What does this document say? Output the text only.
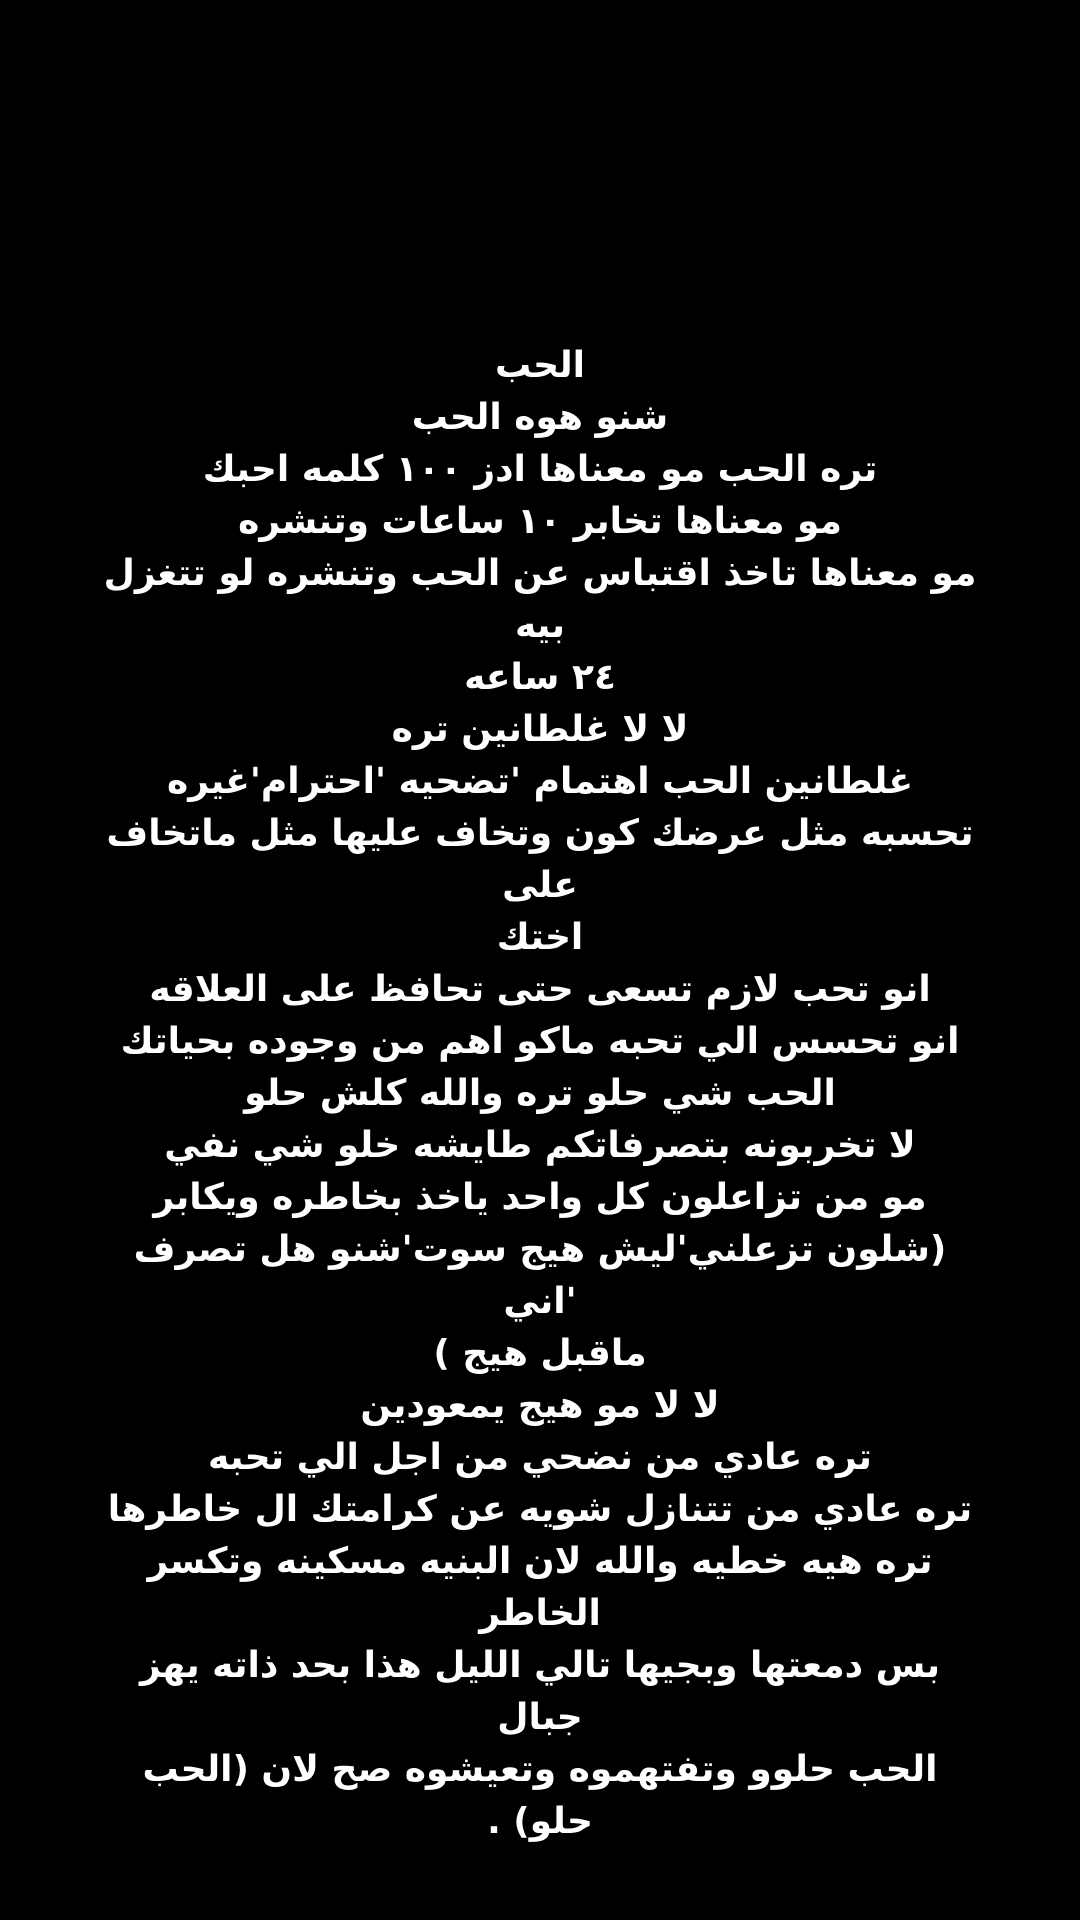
الحب

شنو هوه الحب

تره الحب مو معناها ادز ١٠٠ كلمه احبك

مو معناها تخابر ١٠ ساعات وتنشره

مو معناها تاخذ اقتباس عن الحب وتنشره لو تتغزل بيه

٢٤ ساعه

لا لا غلطانين تره

غلطانين الحب اهتمام 'تضحيه 'احترام'غيره

تحسبه مثل عرضك كون وتخاف عليها مثل ماتخاف على

اختك

انو تحب لازم تسعى حتى تحافظ على العلاقه

انو تحسس الي تحبه ماكو اهم من وجوده بحياتك

الحب شي حلو تره والله كلش حلو

لا تخربونه بتصرفاتكم طايشه خلو شي نفي

مو من تزاعلون كل واحد ياخذ بخاطره ويكابر

(شلون تزعلني'ليش هيج سوت'شنو هل تصرف 'اني

ماقبل هيج )

لا لا مو هيج يمعودين

تره عادي من نضحي من اجل الي تحبه

تره عادي من تتنازل شويه عن كرامتك ال خاطرها

تره هيه خطيه والله لان البنيه مسكينه وتكسر الخاطر

بس دمعتها وبجيها تالي الليل هذا بحد ذاته يهز جبال

الحب حلوو وتفتهموه وتعيشوه صح لان (الحب حلو) .
